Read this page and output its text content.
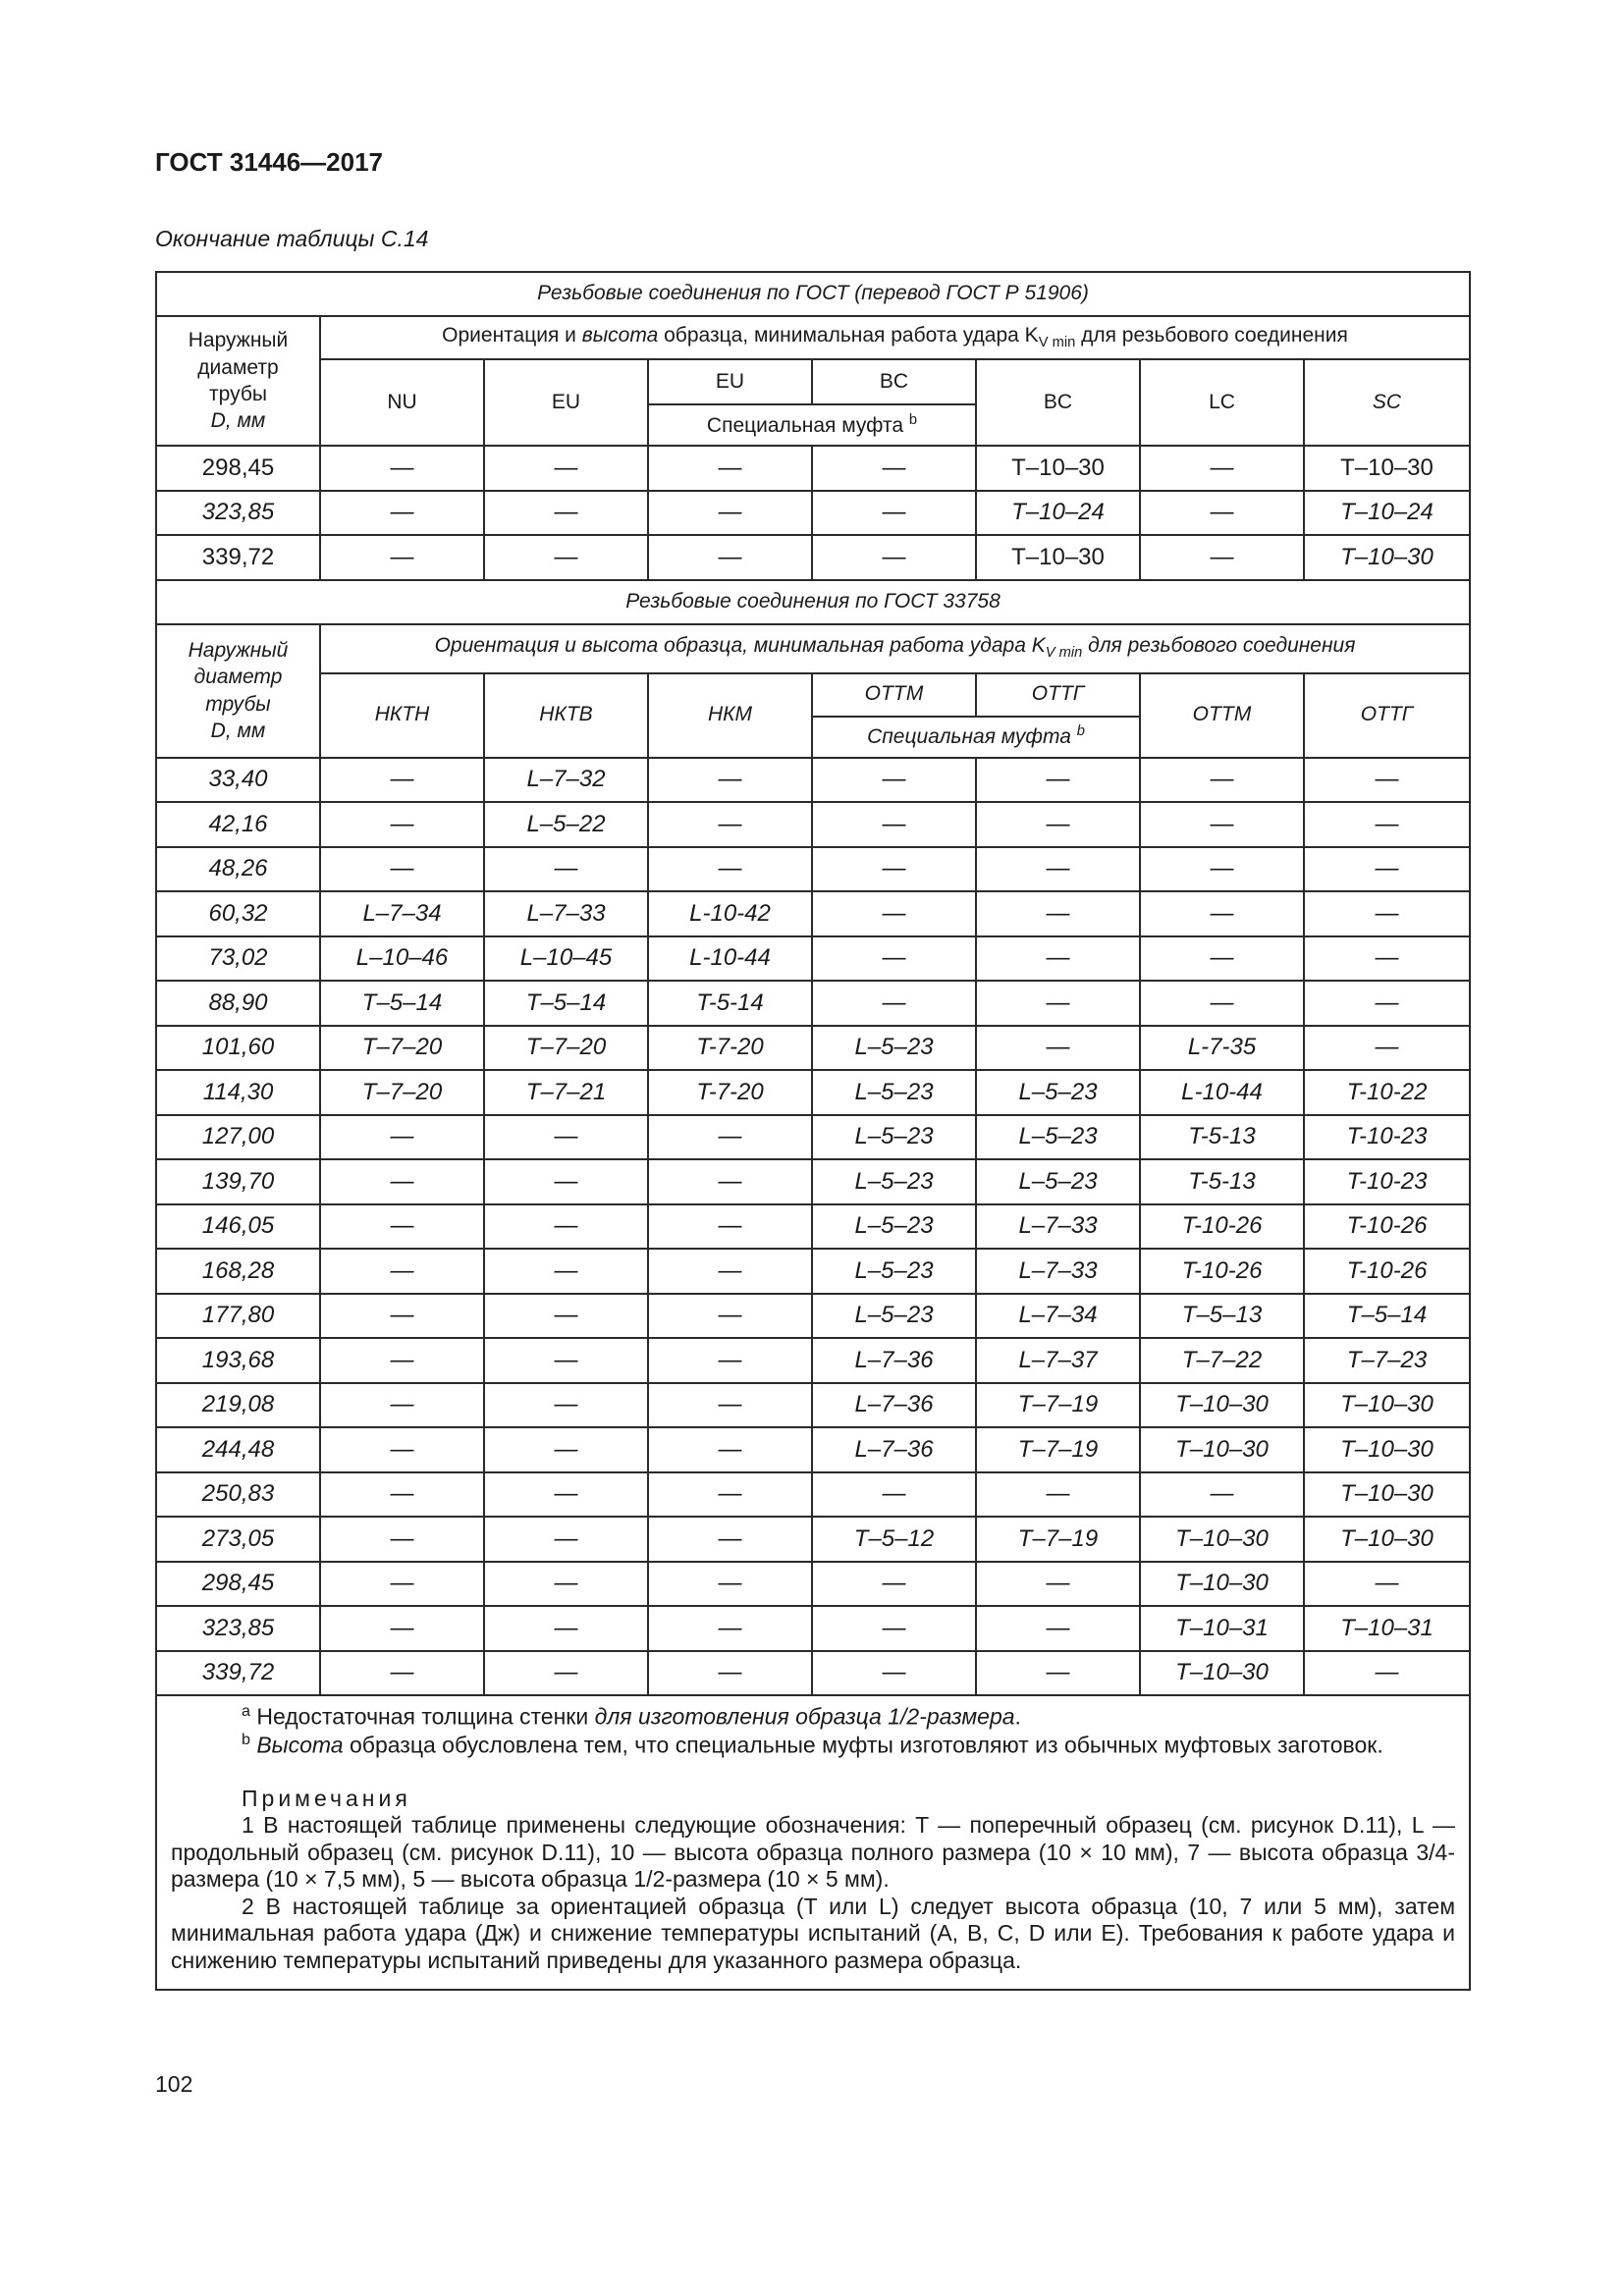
ГОСТ 31446—2017
Окончание таблицы С.14
Резьбовые соединения по ГОСТ (перевод ГОСТ Р 51906)							

Наружный
диаметр
трубы
D, мм	Ориентация и высота образца, минимальная работа удара $K_{V min}$ для резьбового соединения						
	NU	EU	EU	BC	BC	LC	SC
			Специальная муфта $^b$
298,45	—	—	—	—	T–10–30	—	T–10–30
323,85	—	—	—	—	T–10–24	—	T–10–24
339,72	—	—	—	—	T–10–30	—	T–10–30
Резьбовые соединения по ГОСТ 33758							

Наружный
диаметр
трубы
D, мм	Ориентация и высота образца, минимальная работа удара $K_{V min}$ для резьбового соединения						
	НКТН	НКТВ	НКМ	ОТТМ	ОТТГ	ОТТМ	ОТТГ
				Специальная муфта $^b$
33,40	—	L–7–32	—	—	—	—	—
42,16	—	L–5–22	—	—	—	—	—
48,26	—	—	—	—	—	—	—
60,32	L–7–34	L–7–33	L-10-42	—	—	—	—
73,02	L–10–46	L–10–45	L-10-44	—	—	—	—
88,90	T–5–14	T–5–14	T-5-14	—	—	—	—
101,60	T–7–20	T–7–20	T-7-20	L–5–23	—	L-7-35	—
114,30	T–7–20	T–7–21	T-7-20	L–5–23	L–5–23	L-10-44	T-10-22
127,00	—	—	—	L–5–23	L–5–23	T-5-13	T-10-23
139,70	—	—	—	L–5–23	L–5–23	T-5-13	T-10-23
146,05	—	—	—	L–5–23	L–7–33	T-10-26	T-10-26
168,28	—	—	—	L–5–23	L–7–33	T-10-26	T-10-26
177,80	—	—	—	L–5–23	L–7–34	T–5–13	T–5–14
193,68	—	—	—	L–7–36	L–7–37	T–7–22	T–7–23
219,08	—	—	—	L–7–36	T–7–19	T–10–30	T–10–30
244,48	—	—	—	L–7–36	T–7–19	T–10–30	T–10–30
250,83	—	—	—	—	—	—	T–10–30
273,05	—	—	—	T–5–12	T–7–19	T–10–30	T–10–30
298,45	—	—	—	—	—	T–10–30	—
323,85	—	—	—	—	—	T–10–31	T–10–31
339,72	—	—	—	—	—	T–10–30	—

$^a$ Недостаточная толщина стенки для изготовления образца 1/2-размера.
$^b$ Высота образца обусловлена тем, что специальные муфты изготовляют из обычных муфтовых заготовок.
Примечания

1 В настоящей таблице применены следующие обозначения: T — поперечный образец (см. рисунок D.11), L — продольный образец (см. рисунок D.11), 10 — высота образца полного размера (10 × 10 мм), 7 — высота образца 3/4-размера (10 × 7,5 мм), 5 — высота образца 1/2-размера (10 × 5 мм).

2 В настоящей таблице за ориентацией образца (T или L) следует высота образца (10, 7 или 5 мм), затем минимальная работа удара (Дж) и снижение температуры испытаний (A, B, C, D или E). Требования к работе удара и снижению температуры испытаний приведены для указанного размера образца.							

102
